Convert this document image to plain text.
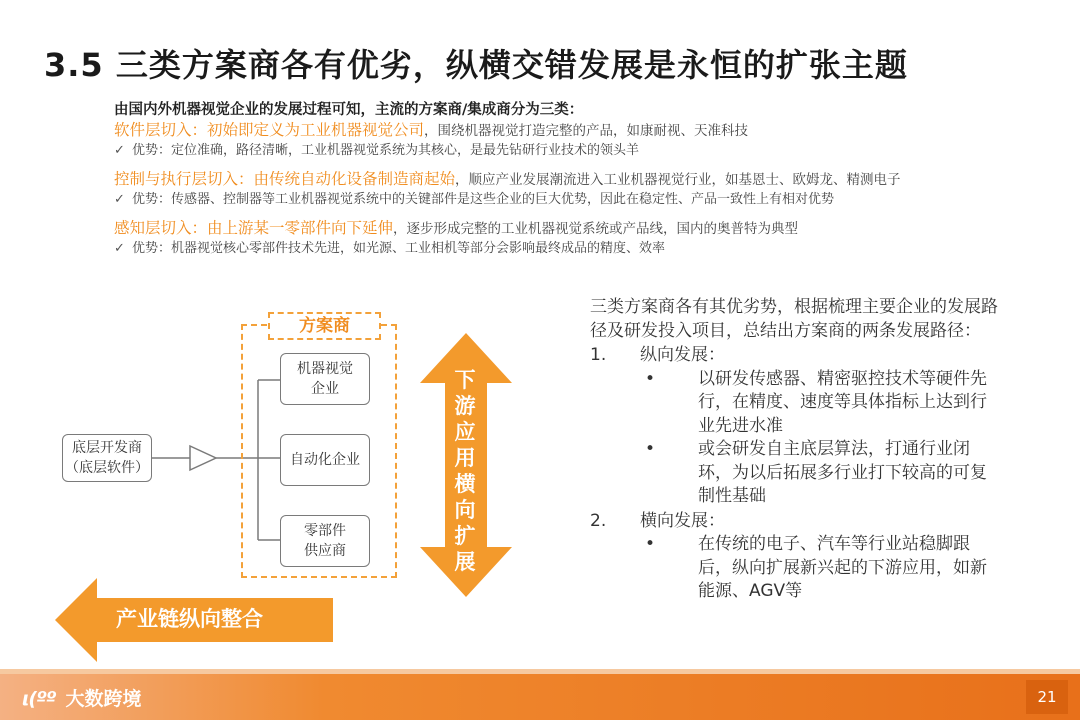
3.5 三类方案商各有优劣，纵横交错发展是永恒的扩张主题
由国内外机器视觉企业的发展过程可知，主流的方案商/集成商分为三类：
软件层切入：初始即定义为工业机器视觉公司，围绕机器视觉打造完整的产品，如康耐视、天准科技
✓ 优势：定位准确，路径清晰，工业机器视觉系统为其核心，是最先钻研行业技术的领头羊
控制与执行层切入：由传统自动化设备制造商起始，顺应产业发展潮流进入工业机器视觉行业，如基恩士、欧姆龙、精测电子
✓ 优势：传感器、控制器等工业机器视觉系统中的关键部件是这些企业的巨大优势，因此在稳定性、产品一致性上有相对优势
感知层切入：由上游某一零部件向下延伸，逐步形成完整的工业机器视觉系统或产品线，国内的奥普特为典型
✓ 优势：机器视觉核心零部件技术先进，如光源、工业相机等部分会影响最终成品的精度、效率
底层开发商
（底层软件）
方案商
机器视觉
企业
自动化企业
零部件
供应商
下游应用横向扩展
产业链纵向整合

三类方案商各有其优劣势，根据梳理主要企业的发展路径及研发投入项目，总结出方案商的两条发展路径：

1.	纵向发展：
•	以研发传感器、精密驱控技术等硬件先行，在精度、速度等具体指标上达到行业先进水准
•	或会研发自主底层算法，打通行业闭环，为以后拓展多行业打下较高的可复制性基础
2.	横向发展：
•	在传统的电子、汽车等行业站稳脚跟后，纵向扩展新兴起的下游应用，如新能源、AGV等
ι(ºº 大数跨境	21
